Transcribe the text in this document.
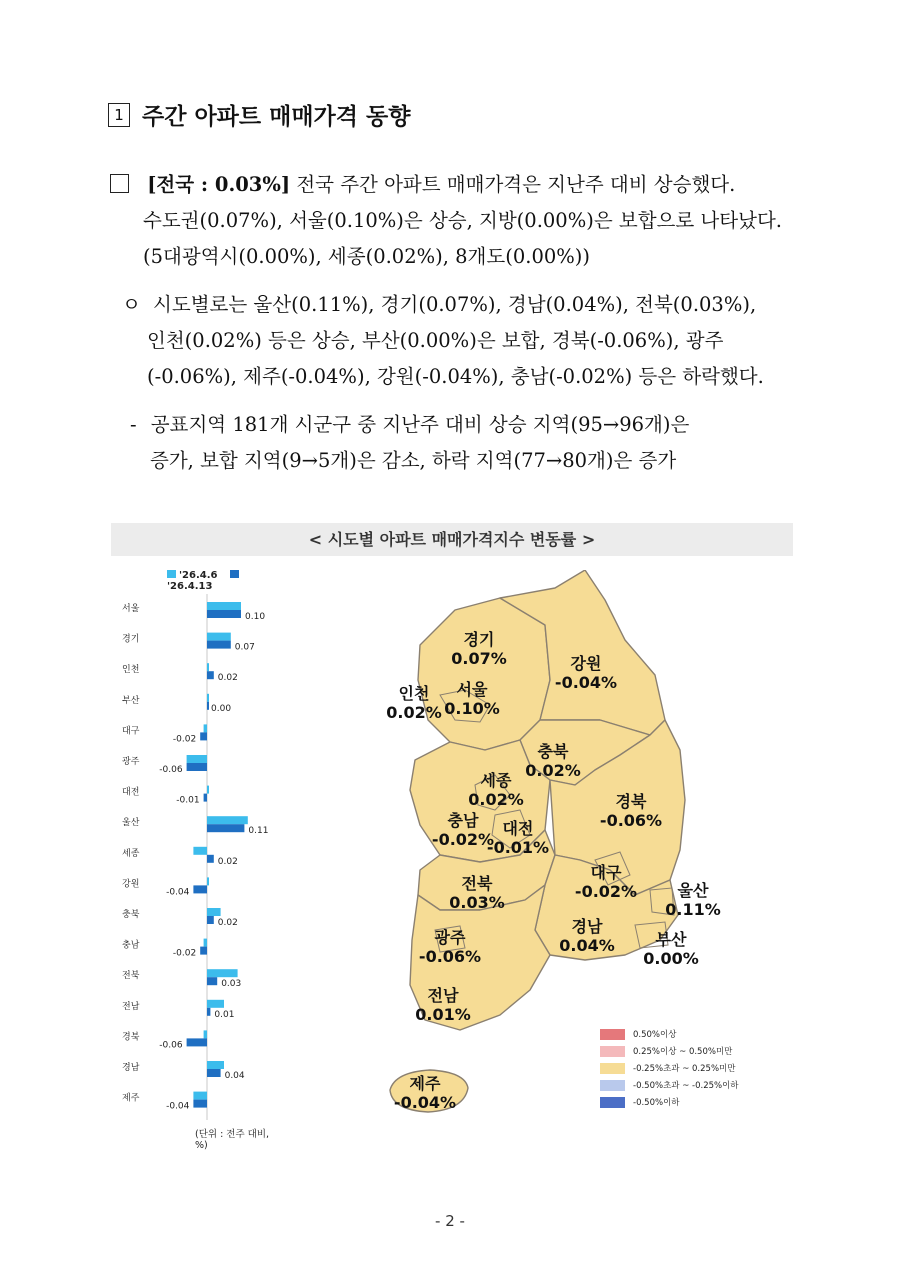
1 주간 아파트 매매가격 동향
[전국 : 0.03%] 전국 주간 아파트 매매가격은 지난주 대비 상승했다.
수도권(0.07%), 서울(0.10%)은 상승, 지방(0.00%)은 보합으로 나타났다.
(5대광역시(0.00%), 세종(0.02%), 8개도(0.00%))
ㅇ 시도별로는 울산(0.11%), 경기(0.07%), 경남(0.04%), 전북(0.03%),
인천(0.02%) 등은 상승, 부산(0.00%)은 보합, 경북(-0.06%), 광주
(-0.06%), 제주(-0.04%), 강원(-0.04%), 충남(-0.02%) 등은 하락했다.
- 공표지역 181개 시군구 중 지난주 대비 상승 지역(95→96개)은
증가, 보합 지역(9→5개)은 감소, 하락 지역(77→80개)은 증가
< 시도별 아파트 매매가격지수 변동률 >
'26.4.6  '26.4.13
서울
0.10
경기
0.07
인천
0.02
부산
0.00
대구
-0.02
광주
-0.06
대전
-0.01
울산
0.11
세종
0.02
강원
-0.04
충북
0.02
충남
-0.02
전북
0.03
전남
0.01
경북
-0.06
경남
0.04
제주
-0.04
(단위 : 전주 대비, %)
경기
0.07%	강원
-0.04%
인천
0.02%
서울
0.10%
충북
0.02%
세종
0.02%	경북
-0.06%
충남
-0.02%
대전
-0.01%
대구
-0.02%	울산
0.11%
전북
0.03%
경남
0.04%	부산
0.00%
광주
-0.06%
전남
0.01%
제주
-0.04%
0.50%이상
0.25%이상 ~ 0.50%미만
-0.25%초과 ~ 0.25%미만
-0.50%초과 ~ -0.25%이하
-0.50%이하
- 2 -
